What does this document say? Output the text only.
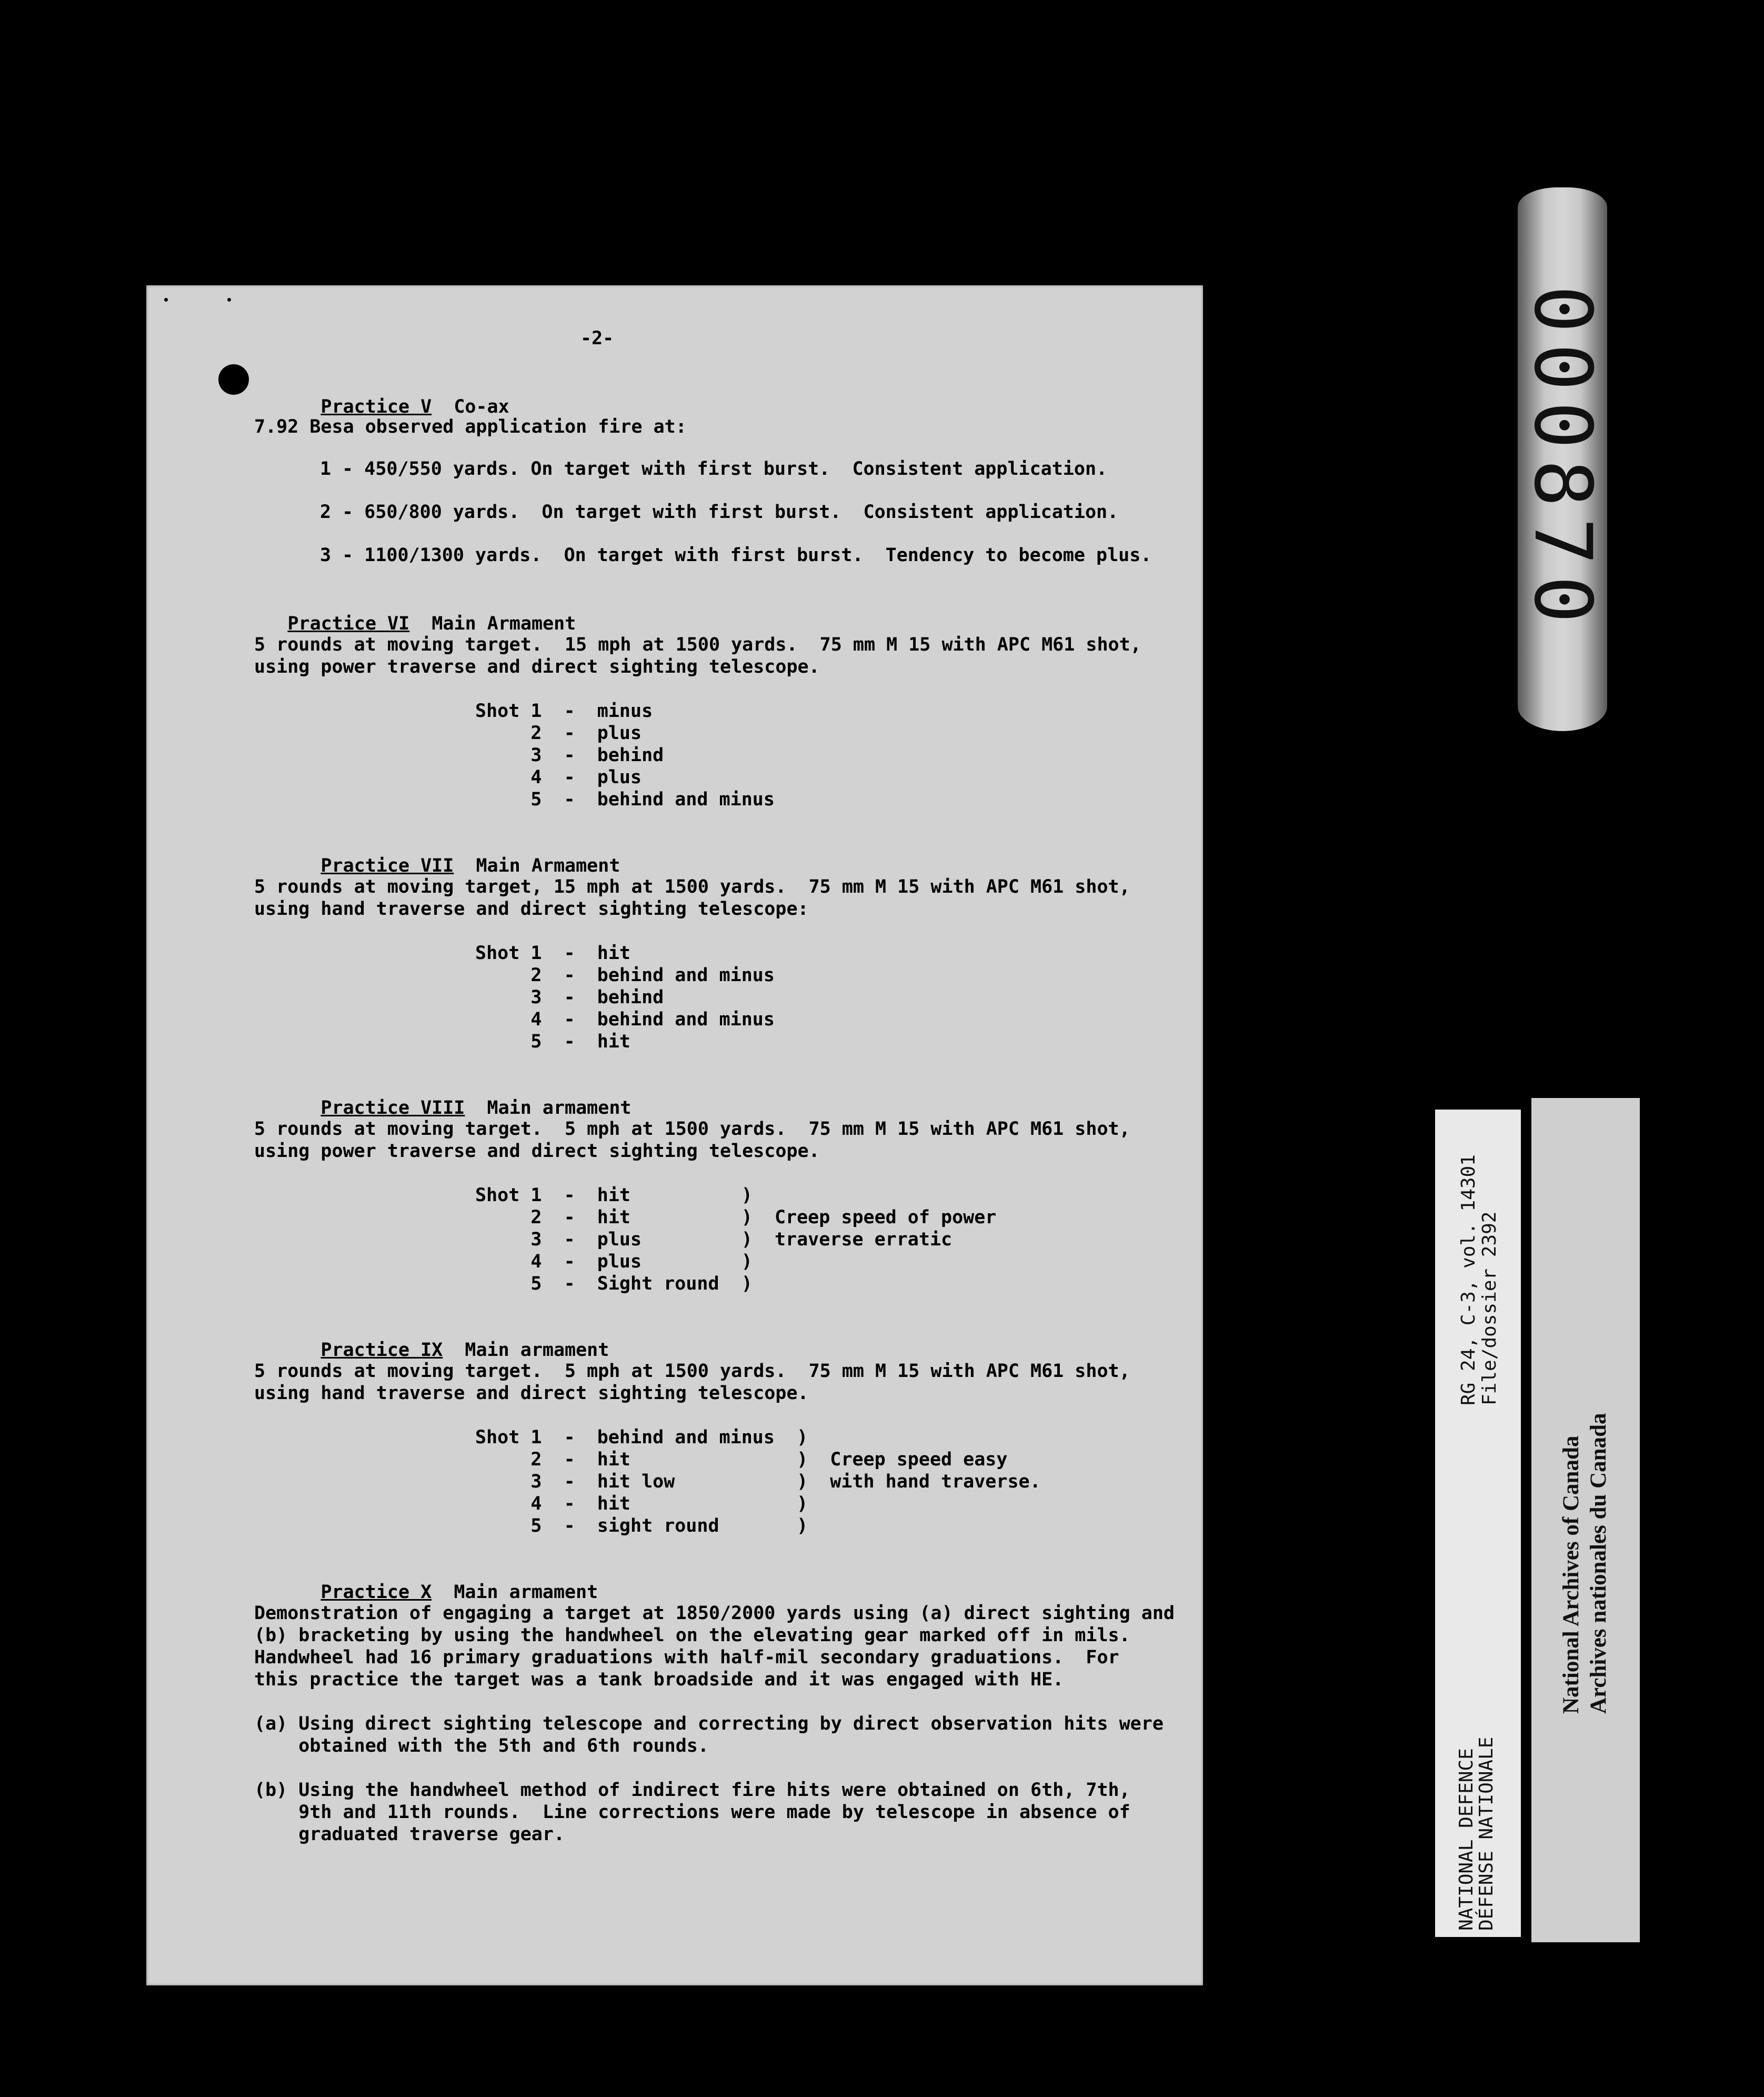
-2-

Practice V Co-ax

7.92 Besa observed application fire at:
1 - 450/550 yards. On target with first burst.  Consistent application.
2 - 650/800 yards.  On target with first burst.  Consistent application.
3 - 1100/1300 yards.  On target with first burst.  Tendency to become plus.

Practice VI Main Armament

5 rounds at moving target.  15 mph at 1500 yards.  75 mm M 15 with APC M61 shot,
using power traverse and direct sighting telescope.
Shot 1  -  minus
2  -  plus
3  -  behind
4  -  plus
5  -  behind and minus

Practice VII Main Armament

5 rounds at moving target, 15 mph at 1500 yards.  75 mm M 15 with APC M61 shot,
using hand traverse and direct sighting telescope:
Shot 1  -  hit
2  -  behind and minus
3  -  behind
4  -  behind and minus
5  -  hit

Practice VIII Main armament

5 rounds at moving target.  5 mph at 1500 yards.  75 mm M 15 with APC M61 shot,
using power traverse and direct sighting telescope.
Shot 1  -  hit          )
2  -  hit          )  Creep speed of power
3  -  plus         )  traverse erratic
4  -  plus         )
5  -  Sight round  )

Practice IX Main armament

5 rounds at moving target.  5 mph at 1500 yards.  75 mm M 15 with APC M61 shot,
using hand traverse and direct sighting telescope.
Shot 1  -  behind and minus  )
2  -  hit               )  Creep speed easy
3  -  hit low           )  with hand traverse.
4  -  hit               )
5  -  sight round       )

Practice X Main armament

Demonstration of engaging a target at 1850/2000 yards using (a) direct sighting and
(b) bracketing by using the handwheel on the elevating gear marked off in mils.
Handwheel had 16 primary graduations with half-mil secondary graduations.  For
this practice the target was a tank broadside and it was engaged with HE.
(a) Using direct sighting telescope and correcting by direct observation hits were
obtained with the 5th and 6th rounds.
(b) Using the handwheel method of indirect fire hits were obtained on 6th, 7th,
9th and 11th rounds.  Line corrections were made by telescope in absence of
graduated traverse gear.
000870
NATIONAL DEFENCE
DÉFENSE NATIONALE
RG 24, C-3, vol. 14301 File/dossier 2392
National Archives of Canada Archives nationales du Canada
